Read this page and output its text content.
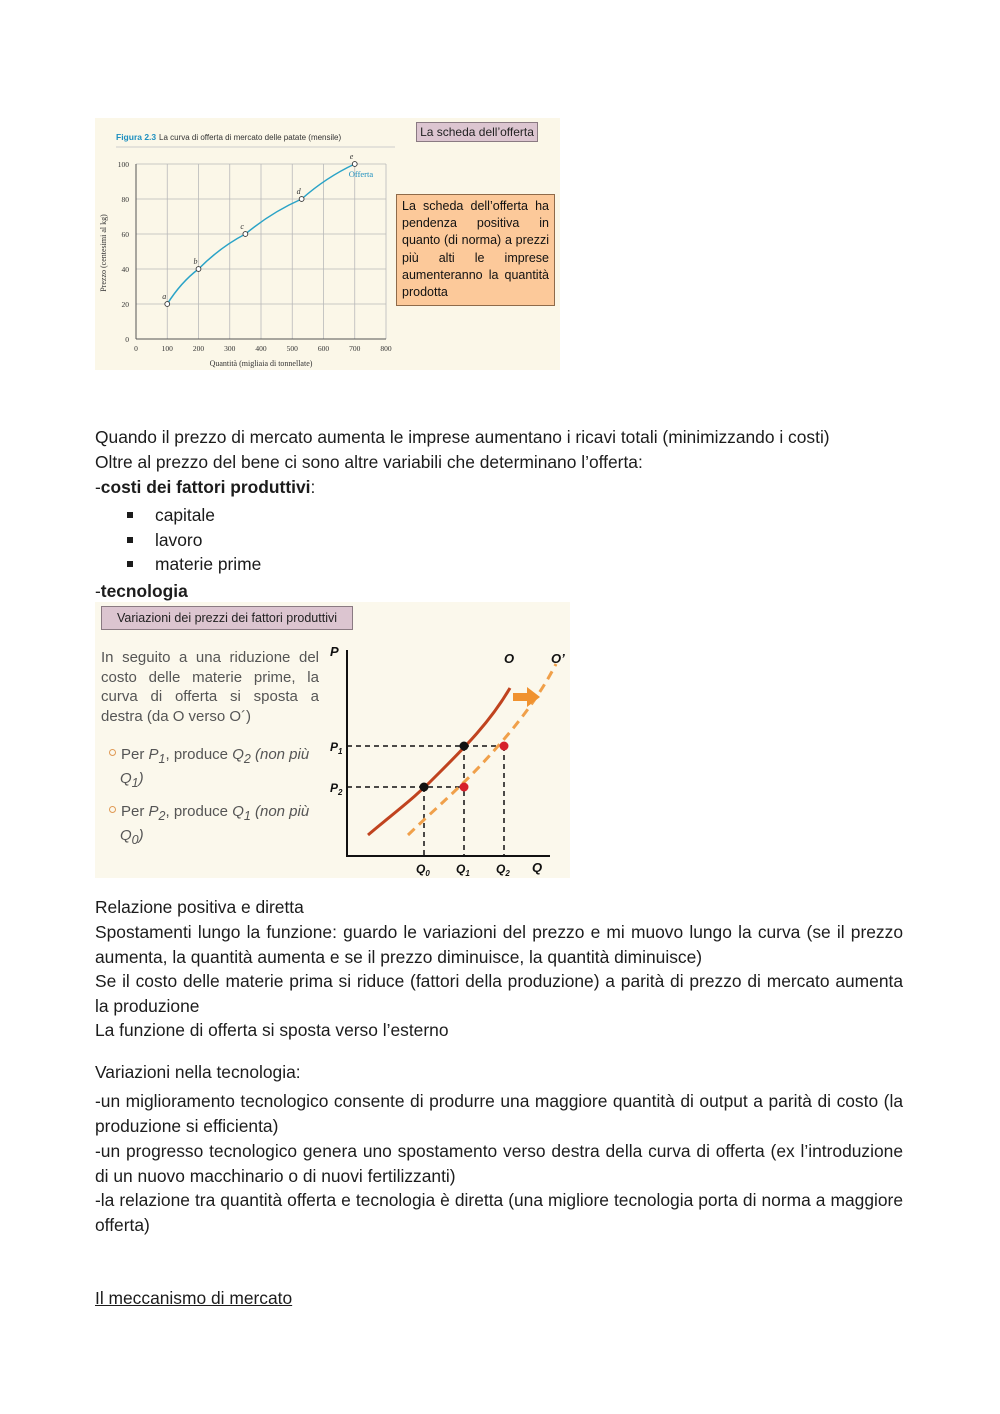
Figura 2.3 La curva di offerta di mercato delle patate (mensile)
0	100	200	300	400	500	600	700	800
0
20
40
60
80
100
Prezzo (centesimi al kg)
Quantità (migliaia di tonnellate)
a
b
c
d
e
Offerta
La scheda dell’offerta
La scheda dell’offerta ha pendenza positiva in quanto (di norma) a prezzi più alti le imprese aumenteranno la quantità prodotta
Quando il prezzo di mercato aumenta le imprese aumentano i ricavi totali (minimizzando i costi)
Oltre al prezzo del bene ci sono altre variabili che determinano l’offerta:
-costi dei fattori produttivi:
capitale
lavoro
materie prime
-tecnologia
Variazioni dei prezzi dei fattori produttivi
In seguito a una riduzione del costo delle materie prime, la curva di offerta si sposta a
destra (da O verso O´)
Per $P_1$, produce $Q_2$ (non più
$Q_1$)
Per $P_2$, produce $Q_1$ (non più
$Q_0$)
P
Q
O	O’
$P_1$
$P_2$
$Q_0$ $Q_1$ $Q_2$
Relazione positiva e diretta
Spostamenti lungo la funzione: guardo le variazioni del prezzo e mi muovo lungo la curva (se il prezzo aumenta, la quantità aumenta e se il prezzo diminuisce, la quantità diminuisce)
Se il costo delle materie prima si riduce (fattori della produzione) a parità di prezzo di mercato aumenta la produzione
La funzione di offerta si sposta verso l’esterno
Variazioni nella tecnologia:
-un miglioramento tecnologico consente di produrre una maggiore quantità di output a parità di costo (la produzione si efficienta)
-un progresso tecnologico genera uno spostamento verso destra della curva di offerta (ex l’introduzione di un nuovo macchinario o di nuovi fertilizzanti)
-la relazione tra quantità offerta e tecnologia è diretta (una migliore tecnologia porta di norma a maggiore offerta)
Il meccanismo di mercato
